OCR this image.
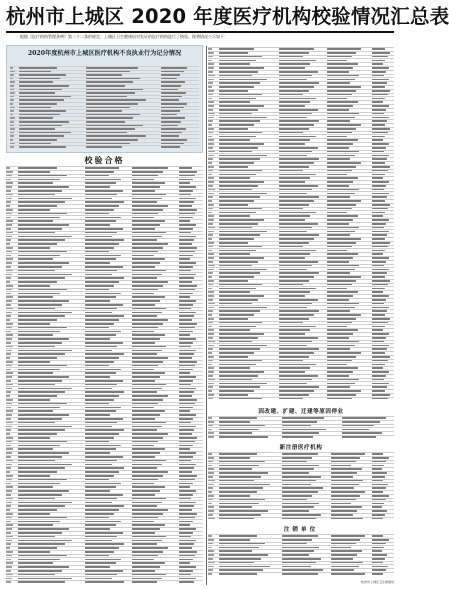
杭州市上城区 2020 年度医疗机构校验情况汇总表
根据《医疗机构管理条例》第二十二条的规定，上城区卫生健康局对发证的医疗机构进行了校验，现将情况公示如下：
2020年度杭州市上城区医疗机构不良执业行为记分情况
校验合格
因改建、扩建、迁建等原因停业
新注册医疗机构
注销单位
杭州市上城区卫生健康局
